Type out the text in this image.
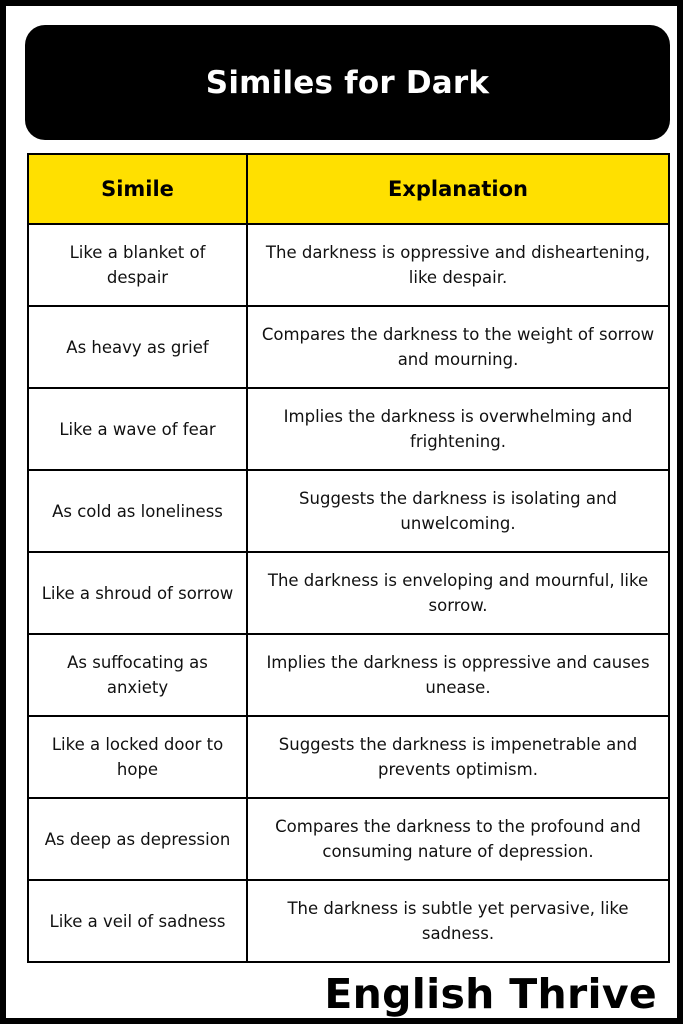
Similes for Dark
Simile	Explanation
Like a blanket of despair	The darkness is oppressive and disheartening, like despair.
As heavy as grief	Compares the darkness to the weight of sorrow and mourning.
Like a wave of fear	Implies the darkness is overwhelming and frightening.
As cold as loneliness	Suggests the darkness is isolating and unwelcoming.
Like a shroud of sorrow	The darkness is enveloping and mournful, like sorrow.
As suffocating as anxiety	Implies the darkness is oppressive and causes unease.
Like a locked door to hope	Suggests the darkness is impenetrable and prevents optimism.
As deep as depression	Compares the darkness to the profound and consuming nature of depression.
Like a veil of sadness	The darkness is subtle yet pervasive, like sadness.
English Thrive
